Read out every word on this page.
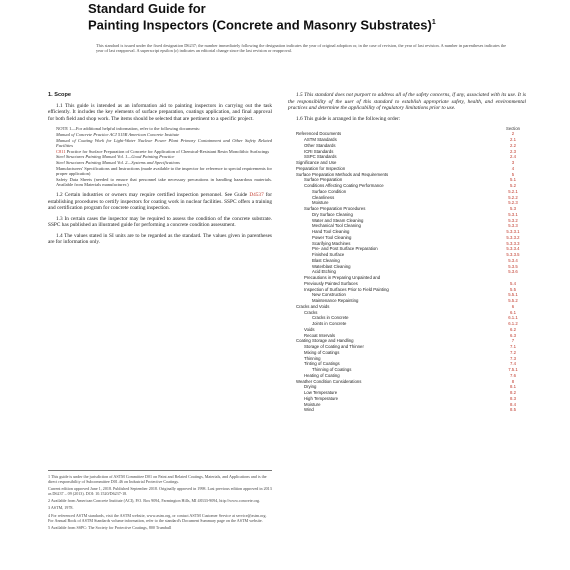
Standard Guide for
Painting Inspectors (Concrete and Masonry Substrates)$^1$
This standard is issued under the fixed designation D6237; the number immediately following the designation indicates the year of original adoption or, in the case of revision, the year of last revision. A number in parentheses indicates the year of last reapproval. A superscript epsilon (ε) indicates an editorial change since the last revision or reapproval.
1. Scope

1.1 This guide is intended as an information aid to painting inspectors in carrying out the task efficiently. It includes the key elements of surface preparation, coatings application, and final approval for both field and shop work. The items should be selected that are pertinent to a specific project.

NOTE 1—For additional helpful information, refer to the following documents:

Manual of Concrete Practice ACI 515R American Concrete Institute

Manual of Coating Work for Light-Water Nuclear Power Plant Primary Containment and Other Safety Related Facilities

C811 Practice for Surface Preparation of Concrete for Application of Chemical-Resistant Resin Monolithic Surfacings

Steel Structures Painting Manual Vol. 1—Good Painting Practice

Steel Structures Painting Manual Vol. 2—Systems and Specifications

Manufacturers' Specifications and Instructions (made available to the inspector for reference to special requirements for proper application)

Safety Data Sheets (needed to ensure that personnel take necessary precautions in handling hazardous materials. Available from Materials manufacturer.)

1.2 Certain industries or owners may require certified inspection personnel. See Guide D4537 for establishing procedures to certify inspectors for coating work in nuclear facilities. SSPC offers a training and certification program for concrete coating inspection.

1.3 In certain cases the inspector may be required to assess the condition of the concrete substrate. SSPC has published an illustrated guide for performing a concrete condition assessment.

1.4 The values stated in SI units are to be regarded as the standard. The values given in parentheses are for information only.

1 This guide is under the jurisdiction of ASTM Committee D01 on Paint and Related Coatings, Materials, and Applications and is the direct responsibility of Subcommittee D01.46 on Industrial Protective Coatings.

Current edition approved June 1, 2018. Published September 2018. Originally approved in 1998. Last previous edition approved in 2013 as D6237 – 09 (2013). DOI: 10.1520/D6237-18.

2 Available from American Concrete Institute (ACI), P.O. Box 9094, Farmington Hills, MI 48333-9094, http://www.concrete.org.

3 ASTM, 1978.

4 For referenced ASTM standards, visit the ASTM website, www.astm.org, or contact ASTM Customer Service at service@astm.org. For Annual Book of ASTM Standards volume information, refer to the standard's Document Summary page on the ASTM website.

5 Available from SSPC: The Society for Protective Coatings, 800 Trumbull

1.5 This standard does not purport to address all of the safety concerns, if any, associated with its use. It is the responsibility of the user of this standard to establish appropriate safety, health, and environmental practices and determine the applicability of regulatory limitations prior to use.

1.6 This guide is arranged in the following order:

Section
Referenced Documents	2
ASTM Standards	2.1
Other Standards	2.2
ICRI Standards	2.3
SSPC Standards	2.4
Significance and Use	3
Preparation for Inspection	4
Surface Preparation Methods and Requirements	5
Surface Preparation	5.1
Conditions Affecting Coating Performance	5.2
Surface Condition	5.2.1
Cleanliness	5.2.2
Moisture	5.2.3
Surface Preparation Procedures	5.3
Dry Surface Cleaning	5.3.1
Water and Steam Cleaning	5.3.2
Mechanical Tool Cleaning	5.3.3
Hand Tool Cleaning	5.3.3.1
Power Tool Cleaning	5.3.3.2
Scarifying Machines	5.3.3.3
Pre- and Post Surface Preparation	5.3.3.4
Finished Surface	5.3.3.5
Blast Cleaning	5.3.4
Waterblast Cleaning	5.3.5
Acid Etching	5.3.6
Precautions in Preparing Unpainted and
Previously Painted Surfaces	5.4
Inspection of Surfaces Prior to Field Painting	5.5
New Construction	5.5.1
Maintenance Repainting	5.5.2
Cracks and Voids	6
Cracks	6.1
Cracks in Concrete	6.1.1
Joints in Concrete	6.1.2
Voids	6.2
Recoat Intervals	6.3
Coating Storage and Handling	7
Storage of Coating and Thinner	7.1
Mixing of Coatings	7.2
Thinning	7.3
Tinting of Coatings	7.4
Thinning of Coatings	7.5.1
Heating of Coating	7.6
Weather Condition Considerations	8
Drying	8.1
Low Temperature	8.2
High Temperature	8.3
Moisture	8.4
Wind	8.5
